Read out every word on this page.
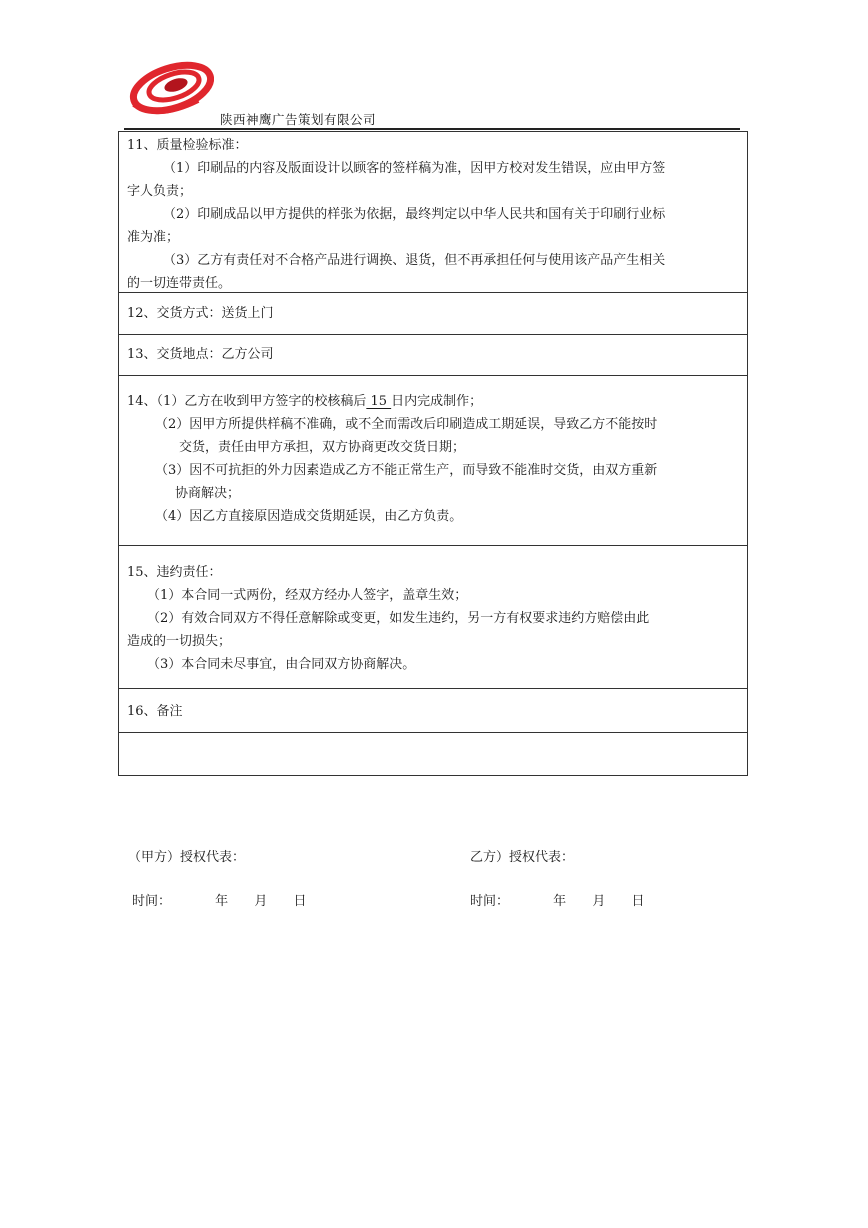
陕西神鹰广告策划有限公司
11、质量检验标准：
（1）印刷品的内容及版面设计以顾客的签样稿为准，因甲方校对发生错误，应由甲方签
字人负责；
（2）印刷成品以甲方提供的样张为依据，最终判定以中华人民共和国有关于印刷行业标
准为准；
（3）乙方有责任对不合格产品进行调换、退货，但不再承担任何与使用该产品产生相关
的一切连带责任。
12、交货方式：送货上门
13、交货地点：乙方公司
14、（1）乙方在收到甲方签字的校核稿后 15 日内完成制作；
（2）因甲方所提供样稿不准确，或不全而需改后印刷造成工期延误，导致乙方不能按时
交货，责任由甲方承担，双方协商更改交货日期；
（3）因不可抗拒的外力因素造成乙方不能正常生产，而导致不能准时交货，由双方重新
协商解决；
（4）因乙方直接原因造成交货期延误，由乙方负责。
15、违约责任：
（1）本合同一式两份，经双方经办人签字，盖章生效；
（2）有效合同双方不得任意解除或变更，如发生违约，另一方有权要求违约方赔偿由此
造成的一切损失；
（3）本合同未尽事宜，由合同双方协商解决。
16、备注
（甲方）授权代表：	乙方）授权代表：
时间：	年 月 日	时间：	年 月 日
